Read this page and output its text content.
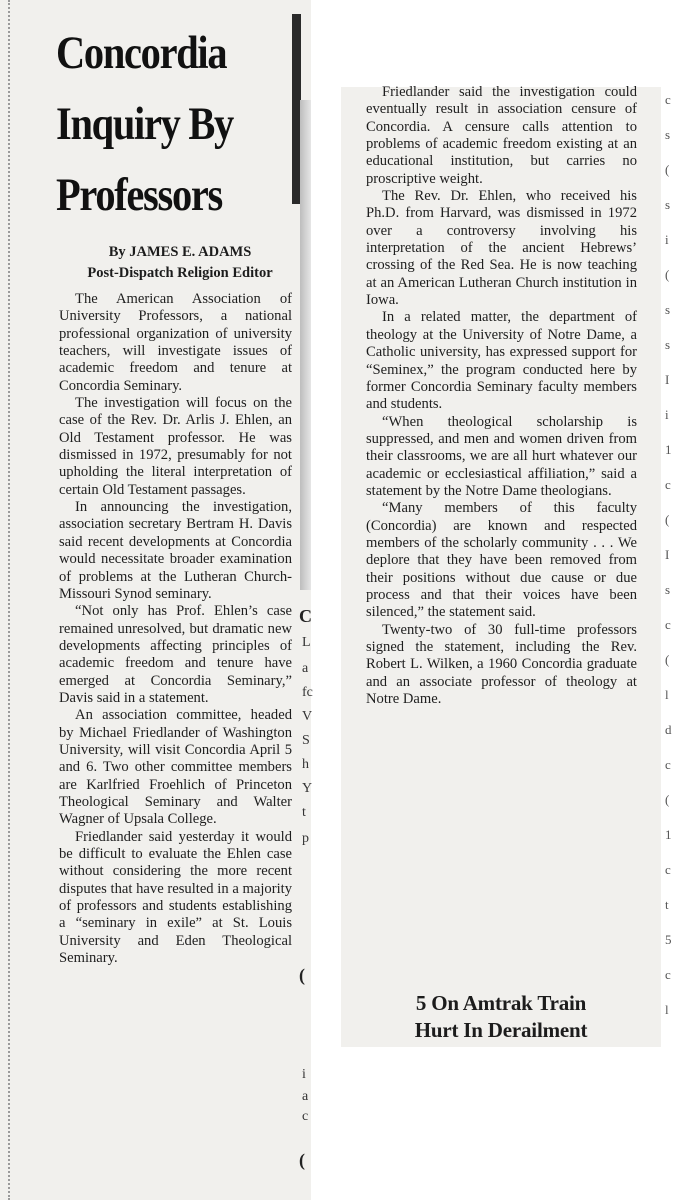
Concordia
Inquiry By
Professors
By JAMES E. ADAMS
Post-Dispatch Religion Editor

The American Association of University Professors, a national professional organization of university teachers, will investigate issues of academic freedom and tenure at Concordia Seminary.

The investigation will focus on the case of the Rev. Dr. Arlis J. Ehlen, an Old Testament professor. He was dismissed in 1972, presumably for not upholding the literal interpretation of certain Old Testament passages.

In announcing the investigation, association secretary Bertram H. Davis said recent developments at Concordia would necessitate broader examination of problems at the Lutheran Church-Missouri Synod seminary.

“Not only has Prof. Ehlen’s case remained unresolved, but dramatic new developments affecting principles of academic freedom and tenure have emerged at Concordia Seminary,” Davis said in a statement.

An association committee, headed by Michael Friedlander of Washington University, will visit Concordia April 5 and 6. Two other committee members are Karlfried Froehlich of Princeton Theological Seminary and Walter Wagner of Upsala College.

Friedlander said yesterday it would be difficult to evaluate the Ehlen case without considering the more recent disputes that have resulted in a majority of professors and students establishing a “seminary in exile” at St. Louis University and Eden Theological Seminary.

C
L
a
fc
V
S
h
Y
t
p
(
i
a
c
(

Friedlander said the investigation could eventually result in association censure of Concordia. A censure calls attention to problems of academic freedom existing at an educational institution, but carries no proscriptive weight.

The Rev. Dr. Ehlen, who received his Ph.D. from Harvard, was dismissed in 1972 over a controversy involving his interpretation of the ancient Hebrews’ crossing of the Red Sea. He is now teaching at an American Lutheran Church institution in Iowa.

In a related matter, the department of theology at the University of Notre Dame, a Catholic university, has expressed support for “Seminex,” the program conducted here by former Concordia Seminary faculty members and students.

“When theological scholarship is suppressed, and men and women driven from their classrooms, we are all hurt whatever our academic or ecclesiastical affiliation,” said a statement by the Notre Dame theologians.

“Many members of this faculty (Concordia) are known and respected members of the scholarly community . . . We deplore that they have been removed from their positions without due cause or due process and that their voices have been silenced,” the statement said.

Twenty-two of 30 full-time professors signed the statement, including the Rev. Robert L. Wilken, a 1960 Concordia graduate and an associate professor of theology at Notre Dame.

5 On Amtrak Train
Hurt In Derailment
c
s
(
s
i
(
s
s
I
i
1
c
(
I
s
c
(
l
d
c
(
1
c
t
5
c
l
